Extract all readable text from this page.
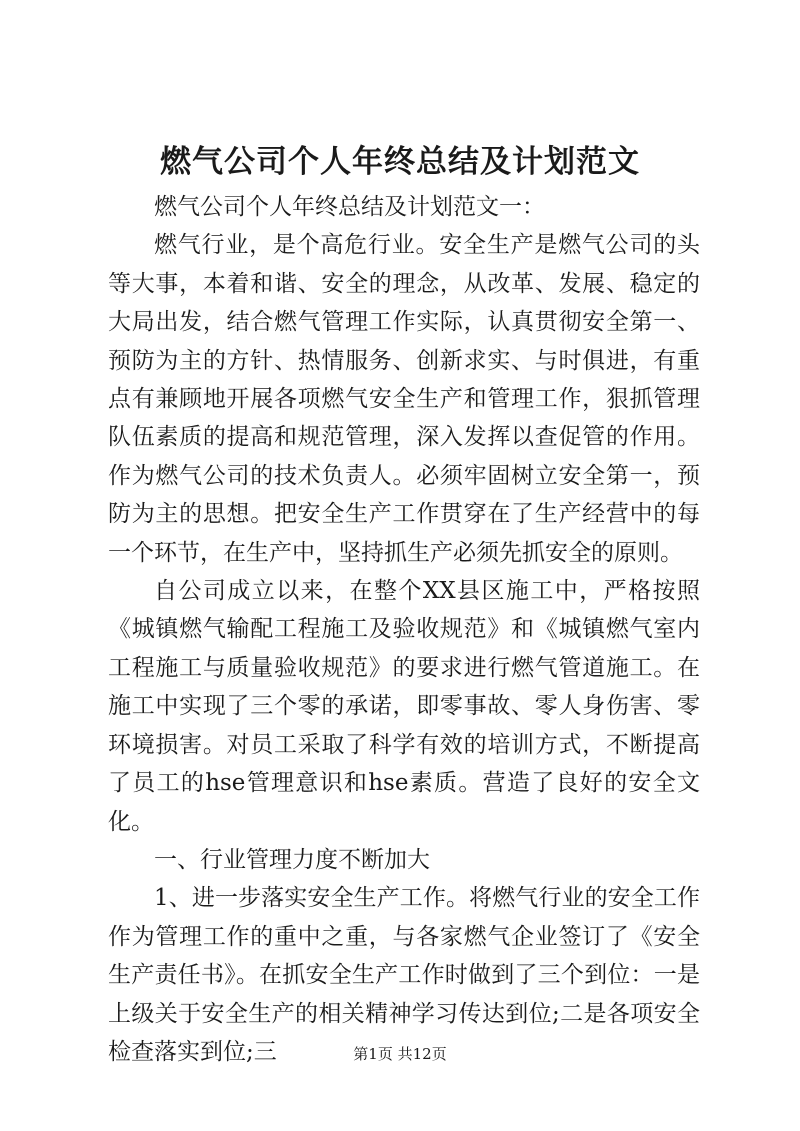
燃气公司个人年终总结及计划范文

燃气公司个人年终总结及计划范文一：

燃气行业，是个高危行业。安全生产是燃气公司的头等大事，本着和谐、安全的理念，从改革、发展、稳定的大局出发，结合燃气管理工作实际，认真贯彻安全第一、预防为主的方针、热情服务、创新求实、与时俱进，有重点有兼顾地开展各项燃气安全生产和管理工作，狠抓管理队伍素质的提高和规范管理，深入发挥以查促管的作用。作为燃气公司的技术负责人。必须牢固树立安全第一，预防为主的思想。把安全生产工作贯穿在了生产经营中的每一个环节，在生产中，坚持抓生产必须先抓安全的原则。

自公司成立以来，在整个XX县区施工中，严格按照《城镇燃气输配工程施工及验收规范》和《城镇燃气室内工程施工与质量验收规范》的要求进行燃气管道施工。在施工中实现了三个零的承诺，即零事故、零人身伤害、零环境损害。对员工采取了科学有效的培训方式，不断提高了员工的hse管理意识和hse素质。营造了良好的安全文化。

一、行业管理力度不断加大

1、进一步落实安全生产工作。将燃气行业的安全工作作为管理工作的重中之重，与各家燃气企业签订了《安全生产责任书》。在抓安全生产工作时做到了三个到位：一是上级关于安全生产的相关精神学习传达到位;二是各项安全检查落实到位;三	第1页 共12页
